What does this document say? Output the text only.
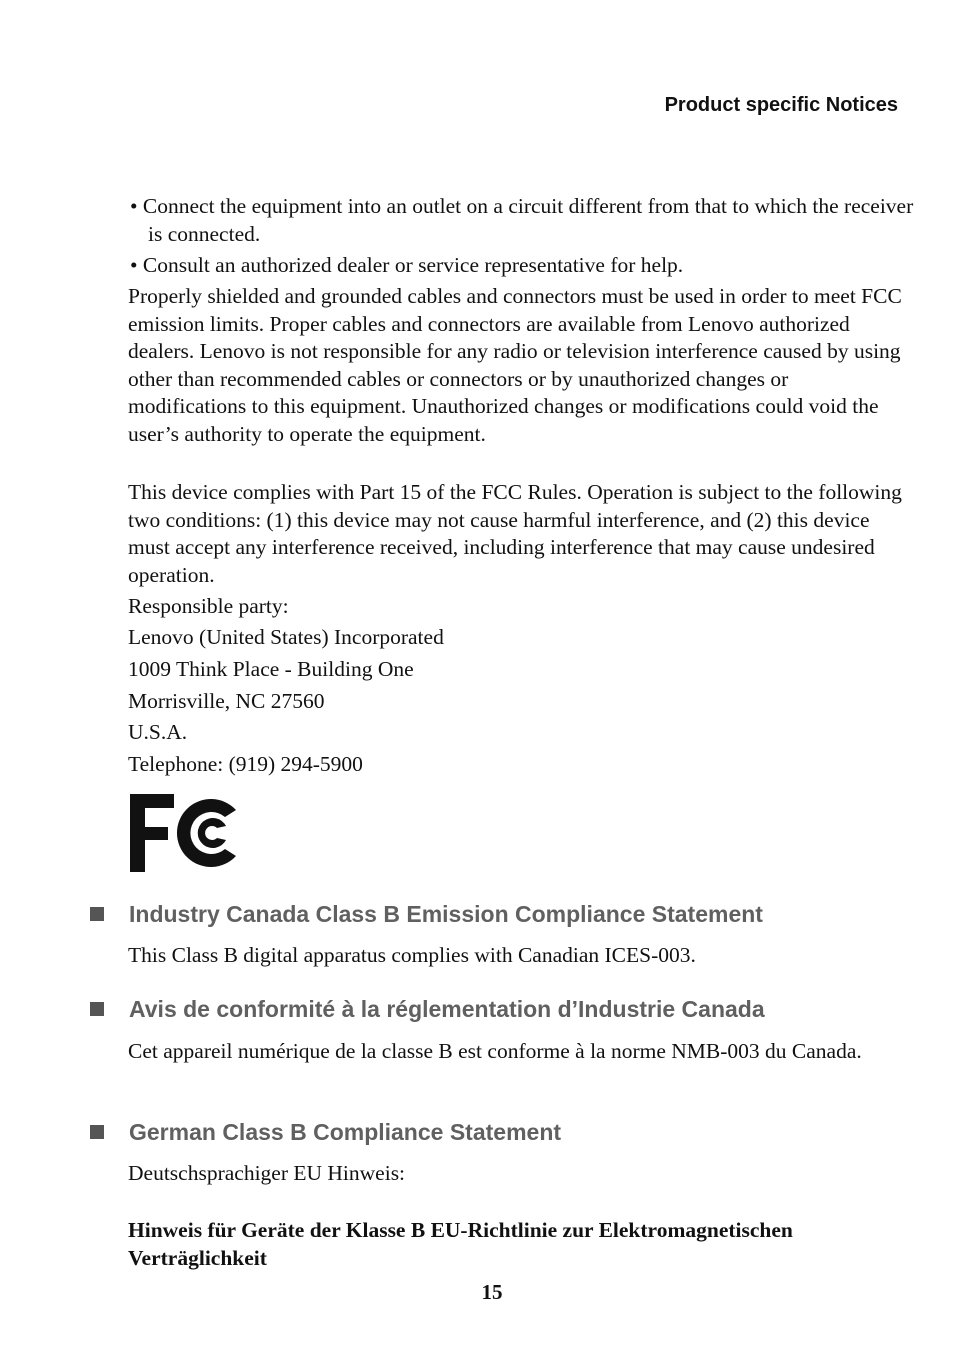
Product specific Notices
• Connect the equipment into an outlet on a circuit different from that to which the receiver is connected.
• Consult an authorized dealer or service representative for help.

Properly shielded and grounded cables and connectors must be used in order to meet FCC emission limits. Proper cables and connectors are available from Lenovo authorized dealers. Lenovo is not responsible for any radio or television interference caused by using other than recommended cables or connectors or by unauthorized changes or modifications to this equipment. Unauthorized changes or modifications could void the user’s authority to operate the equipment.

This device complies with Part 15 of the FCC Rules. Operation is subject to the following two conditions: (1) this device may not cause harmful interference, and (2) this device must accept any interference received, including interference that may cause undesired operation.

Responsible party:
Lenovo (United States) Incorporated
1009 Think Place - Building One
Morrisville, NC 27560
U.S.A.
Telephone: (919) 294-5900
Industry Canada Class B Emission Compliance Statement
This Class B digital apparatus complies with Canadian ICES-003.
Avis de conformité à la réglementation d’Industrie Canada

Cet appareil numérique de la classe B est conforme à la norme NMB-003 du Canada.

German Class B Compliance Statement
Deutschsprachiger EU Hinweis:

Hinweis für Geräte der Klasse B EU-Richtlinie zur Elektromagnetischen Verträglichkeit

15
